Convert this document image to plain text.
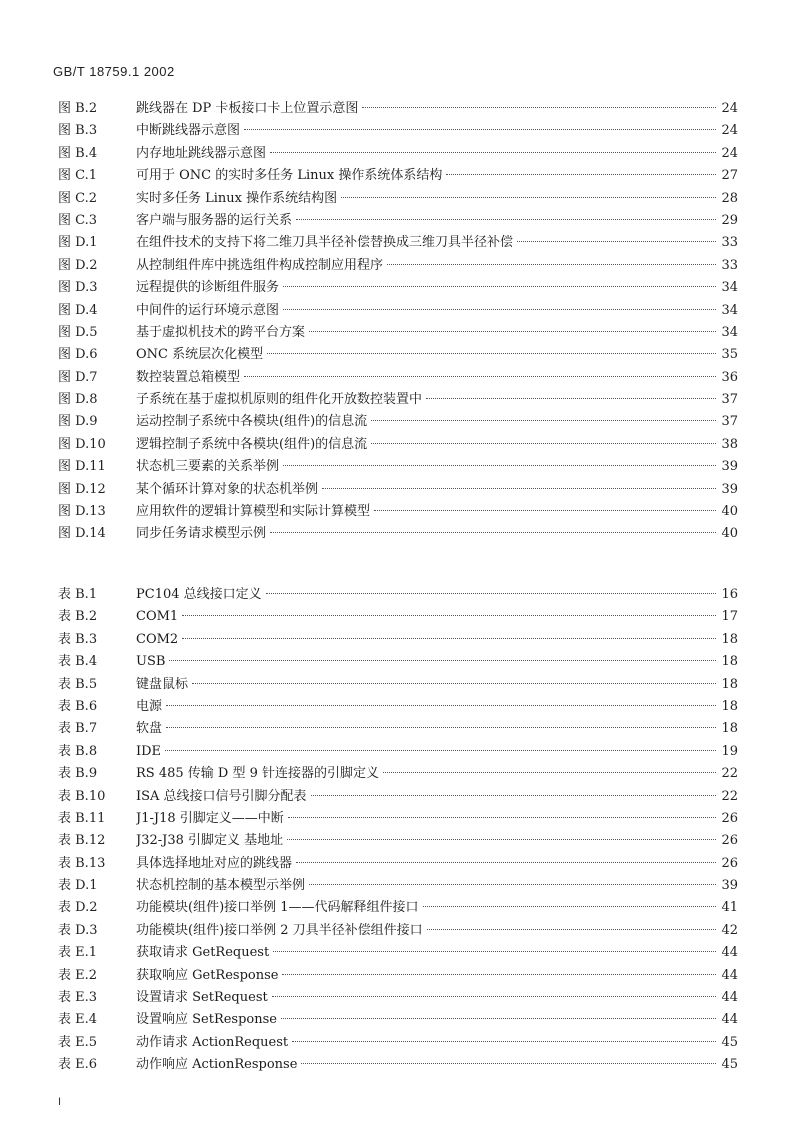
GB/T 18759.1 2002
图 B.2	跳线器在 DP 卡板接口卡上位置示意图	24
图 B.3	中断跳线器示意图	24
图 B.4	内存地址跳线器示意图	24
图 C.1	可用于 ONC 的实时多任务 Linux 操作系统体系结构	27
图 C.2	实时多任务 Linux 操作系统结构图	28
图 C.3	客户端与服务器的运行关系	29
图 D.1	在组件技术的支持下将二维刀具半径补偿替换成三维刀具半径补偿	33
图 D.2	从控制组件库中挑选组件构成控制应用程序	33
图 D.3	远程提供的诊断组件服务	34
图 D.4	中间件的运行环境示意图	34
图 D.5	基于虚拟机技术的跨平台方案	34
图 D.6	ONC 系统层次化模型	35
图 D.7	数控装置总箱模型	36
图 D.8	子系统在基于虚拟机原则的组件化开放数控装置中	37
图 D.9	运动控制子系统中各模块(组件)的信息流	37
图 D.10	逻辑控制子系统中各模块(组件)的信息流	38
图 D.11	状态机三要素的关系举例	39
图 D.12	某个循环计算对象的状态机举例	39
图 D.13	应用软件的逻辑计算模型和实际计算模型	40
图 D.14	同步任务请求模型示例	40
表 B.1	PC104 总线接口定义	16
表 B.2	COM1	17
表 B.3	COM2	18
表 B.4	USB	18
表 B.5	键盘鼠标	18
表 B.6	电源	18
表 B.7	软盘	18
表 B.8	IDE	19
表 B.9	RS 485 传输 D 型 9 针连接器的引脚定义	22
表 B.10	ISA 总线接口信号引脚分配表	22
表 B.11	J1-J18 引脚定义——中断	26
表 B.12	J32-J38 引脚定义 基地址	26
表 B.13	具体选择地址对应的跳线器	26
表 D.1	状态机控制的基本模型示举例	39
表 D.2	功能模块(组件)接口举例 1——代码解释组件接口	41
表 D.3	功能模块(组件)接口举例 2 刀具半径补偿组件接口	42
表 E.1	获取请求 GetRequest	44
表 E.2	获取响应 GetResponse	44
表 E.3	设置请求 SetRequest	44
表 E.4	设置响应 SetResponse	44
表 E.5	动作请求 ActionRequest	45
表 E.6	动作响应 ActionResponse	45
I
